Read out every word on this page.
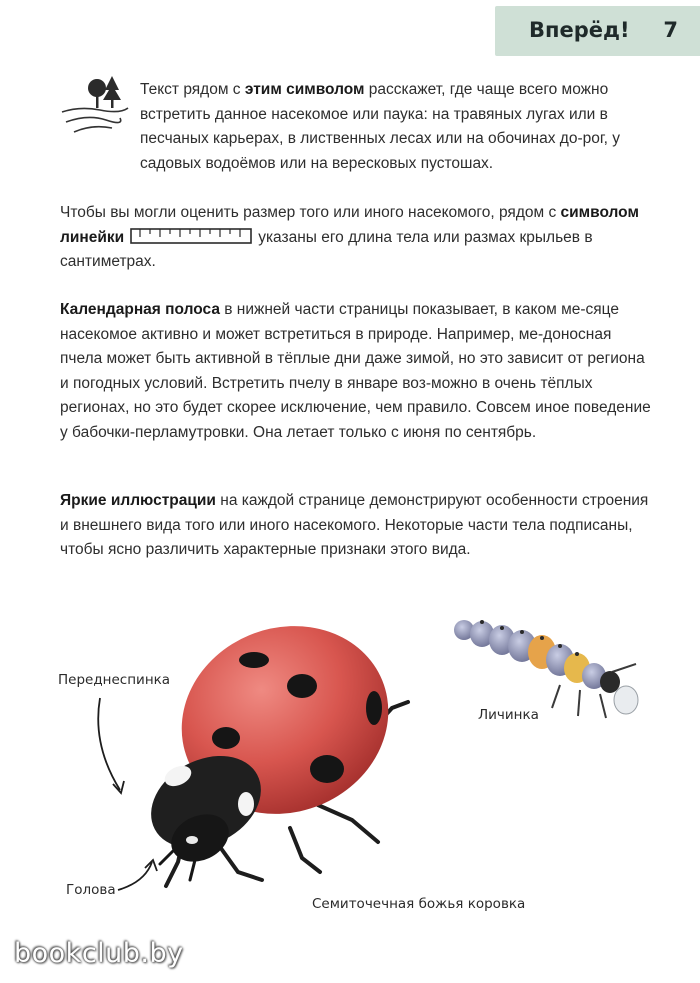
Вперёд! 7
Текст рядом с этим символом расскажет, где чаще всего можно встретить данное насекомое или паука: на травяных лугах или в песчаных карьерах, в лиственных лесах или на обочинах до-рог, у садовых водоёмов или на вересковых пустошах.
Чтобы вы могли оценить размер того или иного насекомого, рядом с символом линейки	указаны его длина тела или размах крыльев в сантиметрах.
Календарная полоса в нижней части страницы показывает, в каком ме-сяце насекомое активно и может встретиться в природе. Например, ме-доносная пчела может быть активной в тёплые дни даже зимой, но это зависит от региона и погодных условий. Встретить пчелу в январе воз-можно в очень тёплых регионах, но это будет скорее исключение, чем правило. Совсем иное поведение у бабочки-перламутровки. Она летает только с июня по сентябрь.
Яркие иллюстрации на каждой странице демонстрируют особенности строения и внешнего вида того или иного насекомого. Некоторые части тела подписаны, чтобы ясно различить характерные признаки этого вида.
Переднеспинка
Голова
Личинка
Семиточечная божья коровка
bookclub.by
